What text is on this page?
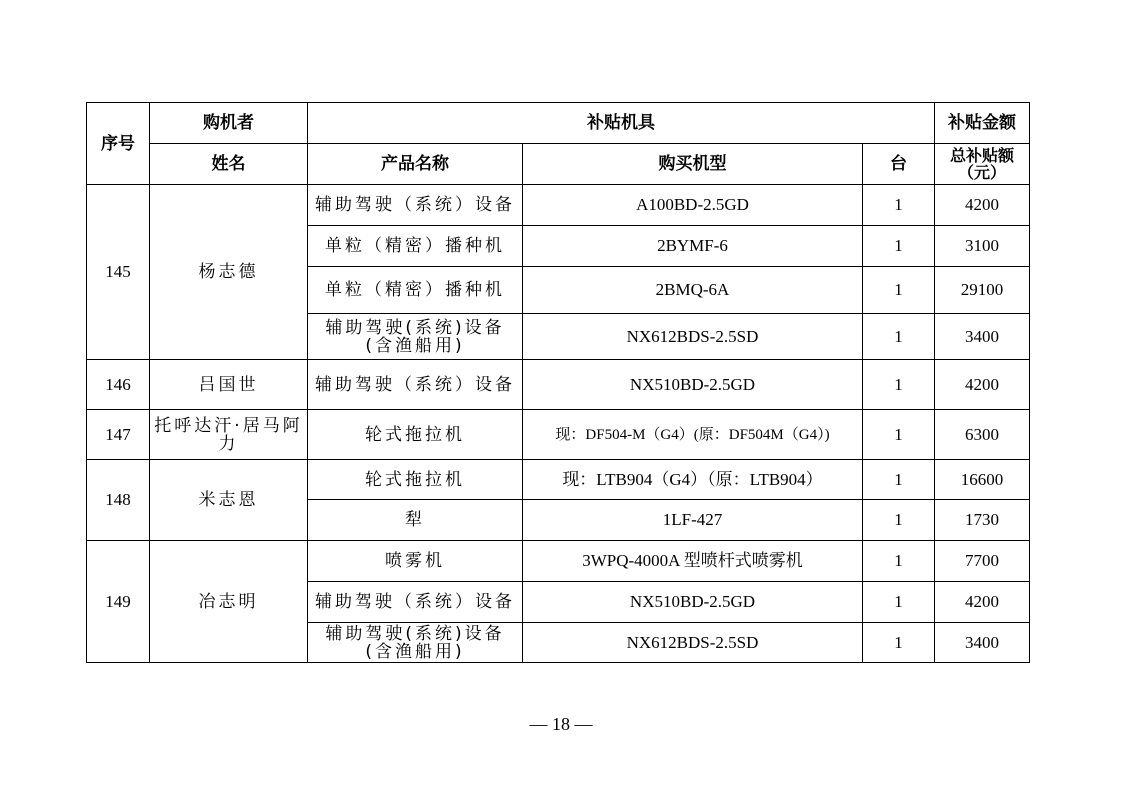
序号	购机者	补贴机具			补贴金额
	姓名	产品名称	购买机型	台	总补贴额（元）
145	杨志德	辅助驾驶（系统）设备	A100BD-2.5GD	1	4200
		单粒（精密）播种机	2BYMF-6	1	3100
		单粒（精密）播种机	2BMQ-6A	1	29100
		辅助驾驶(系统)设备(含渔船用)	NX612BDS-2.5SD	1	3400
146	吕国世	辅助驾驶（系统）设备	NX510BD-2.5GD	1	4200
147	托呼达汗·居马阿力	轮式拖拉机	现：DF504-M（G4）(原：DF504M（G4）)	1	6300
148	米志恩	轮式拖拉机	现：LTB904（G4）（原：LTB904）	1	16600
		犁	1LF-427	1	1730
149	冶志明	喷雾机	3WPQ-4000A 型喷杆式喷雾机	1	7700
		辅助驾驶（系统）设备	NX510BD-2.5GD	1	4200
		辅助驾驶(系统)设备(含渔船用)	NX612BDS-2.5SD	1	3400
— 18 —
